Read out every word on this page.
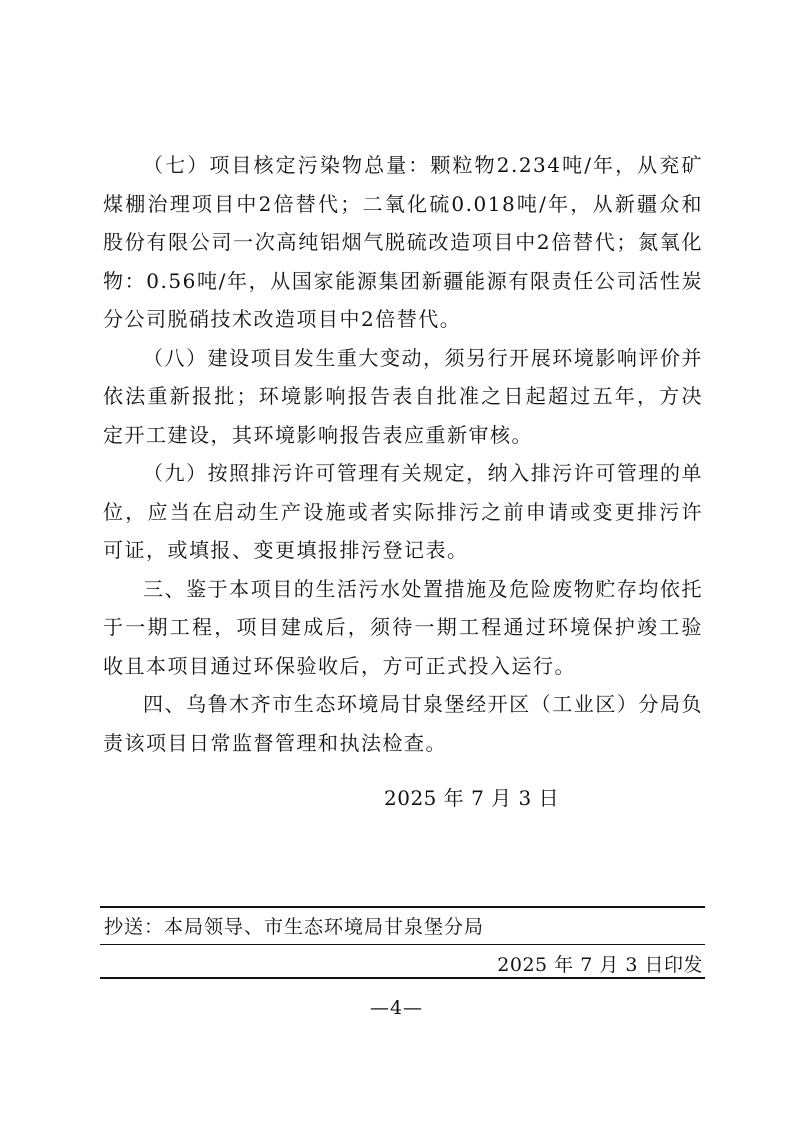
（七）项目核定污染物总量：颗粒物2.234吨/年，从兖矿煤棚治理项目中2倍替代；二氧化硫0.018吨/年，从新疆众和股份有限公司一次高纯铝烟气脱硫改造项目中2倍替代；氮氧化物：0.56吨/年，从国家能源集团新疆能源有限责任公司活性炭分公司脱硝技术改造项目中2倍替代。

（八）建设项目发生重大变动，须另行开展环境影响评价并依法重新报批；环境影响报告表自批准之日起超过五年，方决定开工建设，其环境影响报告表应重新审核。

（九）按照排污许可管理有关规定，纳入排污许可管理的单位，应当在启动生产设施或者实际排污之前申请或变更排污许可证，或填报、变更填报排污登记表。

三、鉴于本项目的生活污水处置措施及危险废物贮存均依托于一期工程，项目建成后，须待一期工程通过环境保护竣工验收且本项目通过环保验收后，方可正式投入运行。

四、乌鲁木齐市生态环境局甘泉堡经开区（工业区）分局负责该项目日常监督管理和执法检查。

2025 年 7 月 3 日
抄送：本局领导、市生态环境局甘泉堡分局
2025 年 7 月 3 日印发
—4—
